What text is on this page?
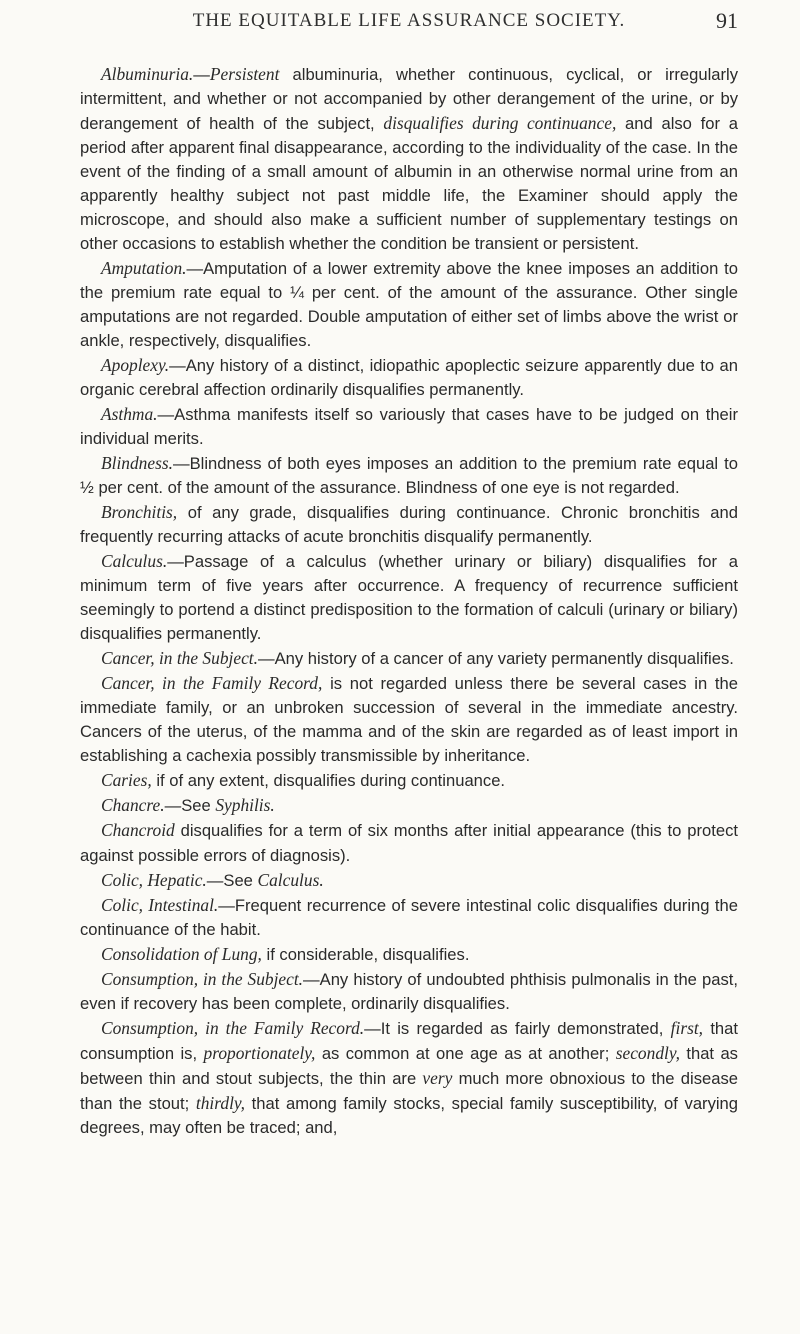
THE EQUITABLE LIFE ASSURANCE SOCIETY.	91

Albuminuria.—Persistent albuminuria, whether continuous, cyclical, or irregularly intermittent, and whether or not accompanied by other derangement of the urine, or by derangement of health of the subject, disqualifies during continuance, and also for a period after apparent final disappearance, according to the individuality of the case. In the event of the finding of a small amount of albumin in an otherwise normal urine from an apparently healthy subject not past middle life, the Examiner should apply the microscope, and should also make a sufficient number of supplementary testings on other occasions to establish whether the condition be transient or persistent.

Amputation.—Amputation of a lower extremity above the knee imposes an addition to the premium rate equal to ¼ per cent. of the amount of the assurance. Other single amputations are not regarded. Double amputation of either set of limbs above the wrist or ankle, respectively, disqualifies.

Apoplexy.—Any history of a distinct, idiopathic apoplectic seizure apparently due to an organic cerebral affection ordinarily disqualifies permanently.

Asthma.—Asthma manifests itself so variously that cases have to be judged on their individual merits.

Blindness.—Blindness of both eyes imposes an addition to the premium rate equal to ½ per cent. of the amount of the assurance. Blindness of one eye is not regarded.

Bronchitis, of any grade, disqualifies during continuance. Chronic bronchitis and frequently recurring attacks of acute bronchitis disqualify permanently.

Calculus.—Passage of a calculus (whether urinary or biliary) disqualifies for a minimum term of five years after occurrence. A frequency of recurrence sufficient seemingly to portend a distinct predisposition to the formation of calculi (urinary or biliary) disqualifies permanently.

Cancer, in the Subject.—Any history of a cancer of any variety permanently disqualifies.

Cancer, in the Family Record, is not regarded unless there be several cases in the immediate family, or an unbroken succession of several in the immediate ancestry. Cancers of the uterus, of the mamma and of the skin are regarded as of least import in establishing a cachexia possibly transmissible by inheritance.

Caries, if of any extent, disqualifies during continuance.

Chancre.—See Syphilis.

Chancroid disqualifies for a term of six months after initial appearance (this to protect against possible errors of diagnosis).

Colic, Hepatic.—See Calculus.

Colic, Intestinal.—Frequent recurrence of severe intestinal colic disqualifies during the continuance of the habit.

Consolidation of Lung, if considerable, disqualifies.

Consumption, in the Subject.—Any history of undoubted phthisis pulmonalis in the past, even if recovery has been complete, ordinarily disqualifies.

Consumption, in the Family Record.—It is regarded as fairly demonstrated, first, that consumption is, proportionately, as common at one age as at another; secondly, that as between thin and stout subjects, the thin are very much more obnoxious to the disease than the stout; thirdly, that among family stocks, special family susceptibility, of varying degrees, may often be traced; and,
